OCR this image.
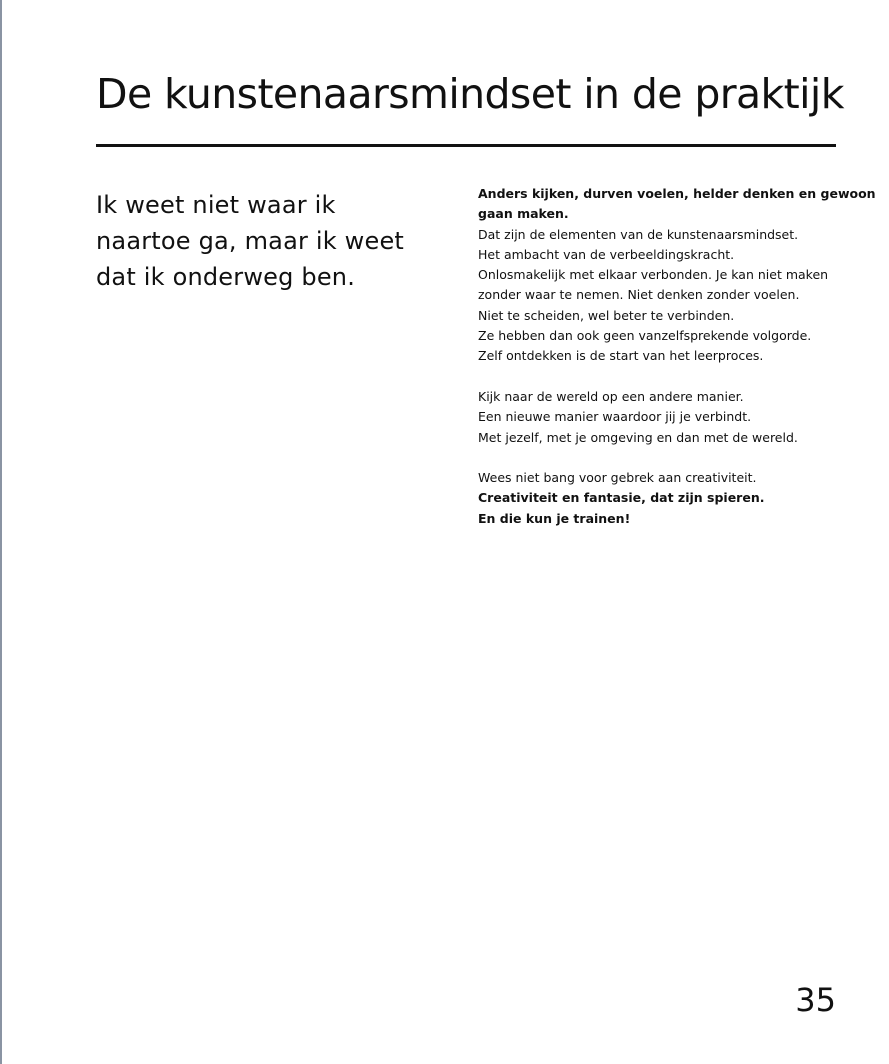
De kunstenaarsmindset in de praktijk
Ik weet niet waar ik
naartoe ga, maar ik weet
dat ik onderweg ben.
Anders kijken, durven voelen, helder denken en gewoon
gaan maken.
Dat zijn de elementen van de kunstenaarsmindset.
Het ambacht van de verbeeldingskracht.
Onlosmakelijk met elkaar verbonden. Je kan niet maken
zonder waar te nemen. Niet denken zonder voelen.
Niet te scheiden, wel beter te verbinden.
Ze hebben dan ook geen vanzelfsprekende volgorde.
Zelf ontdekken is de start van het leerproces.
Kijk naar de wereld op een andere manier.
Een nieuwe manier waardoor jij je verbindt.
Met jezelf, met je omgeving en dan met de wereld.
Wees niet bang voor gebrek aan creativiteit.
Creativiteit en fantasie, dat zijn spieren.
En die kun je trainen!
35
